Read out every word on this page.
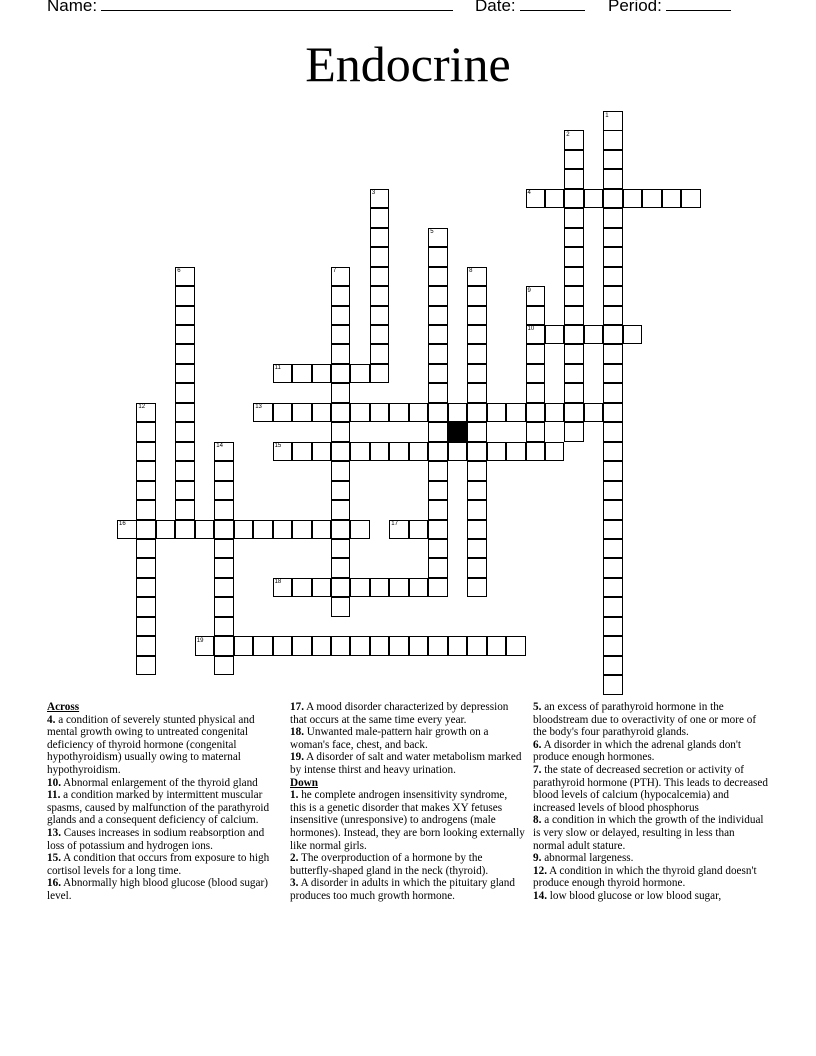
Name:	Date:	Period:
Endocrine
1
2
3	4
5
6	7	8
9
10
11
12	13
14	15
16	17
18
19

Across

4. a condition of severely stunted physical and mental growth owing to untreated congenital deficiency of thyroid hormone (congenital hypothyroidism) usually owing to maternal hypothyroidism.

10. Abnormal enlargement of the thyroid gland

11. a condition marked by intermittent muscular spasms, caused by malfunction of the parathyroid glands and a consequent deficiency of calcium.

13. Causes increases in sodium reabsorption and loss of potassium and hydrogen ions.

15. A condition that occurs from exposure to high cortisol levels for a long time.

16. Abnormally high blood glucose (blood sugar) level.

17. A mood disorder characterized by depression that occurs at the same time every year.

18. Unwanted male-pattern hair growth on a woman's face, chest, and back.

19. A disorder of salt and water metabolism marked by intense thirst and heavy urination.

Down

1. he complete androgen insensitivity syndrome, this is a genetic disorder that makes XY fetuses insensitive (unresponsive) to androgens (male hormones). Instead, they are born looking externally like normal girls.

2. The overproduction of a hormone by the butterfly-shaped gland in the neck (thyroid).

3. A disorder in adults in which the pituitary gland produces too much growth hormone.

5. an excess of parathyroid hormone in the bloodstream due to overactivity of one or more of the body's four parathyroid glands.

6. A disorder in which the adrenal glands don't produce enough hormones.

7. the state of decreased secretion or activity of parathyroid hormone (PTH). This leads to decreased blood levels of calcium (hypocalcemia) and increased levels of blood phosphorus

8. a condition in which the growth of the individual is very slow or delayed, resulting in less than normal adult stature.

9. abnormal largeness.

12. A condition in which the thyroid gland doesn't produce enough thyroid hormone.

14. low blood glucose or low blood sugar,
